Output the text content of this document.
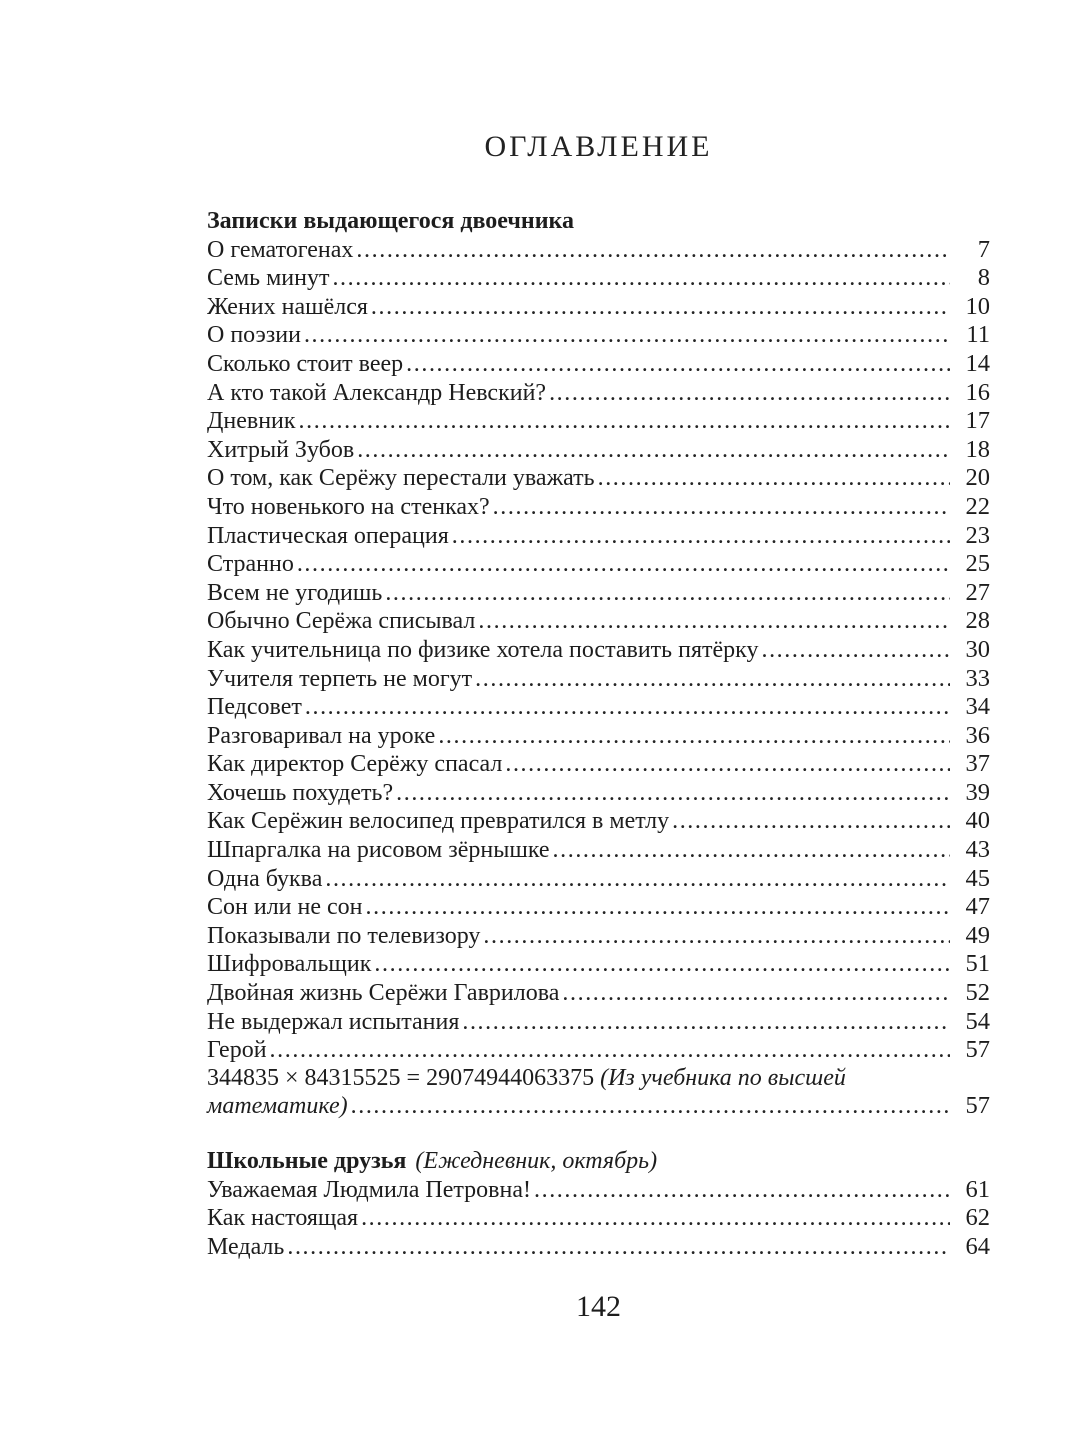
ОГЛАВЛЕНИЕ
Записки выдающегося двоечника
О гематогенах .....	7
Семь минут .....	8
Жених нашёлся .....	10
О поэзии .....	11
Сколько стоит веер .....	14
А кто такой Александр Невский? .....	16
Дневник .....	17
Хитрый Зубов .....	18
О том, как Серёжу перестали уважать .....	20
Что новенького на стенках? .....	22
Пластическая операция .....	23
Странно .....	25
Всем не угодишь .....	27
Обычно Серёжа списывал .....	28
Как учительница по физике хотела поставить пятёрку .....	30
Учителя терпеть не могут .....	33
Педсовет .....	34
Разговаривал на уроке .....	36
Как директор Серёжу спасал .....	37
Хочешь похудеть? .....	39
Как Серёжин велосипед превратился в метлу .....	40
Шпаргалка на рисовом зёрнышке .....	43
Одна буква .....	45
Сон или не сон .....	47
Показывали по телевизору .....	49
Шифровальщик .....	51
Двойная жизнь Серёжи Гаврилова .....	52
Не выдержал испытания .....	54
Герой .....	57
344835 × 84315525 = 29074944063375 (Из учебника по высшей
математике) .....	57
Школьные друзья (Ежедневник, октябрь)
Уважаемая Людмила Петровна! .....	61
Как настоящая .....	62
Медаль .....	64
142
